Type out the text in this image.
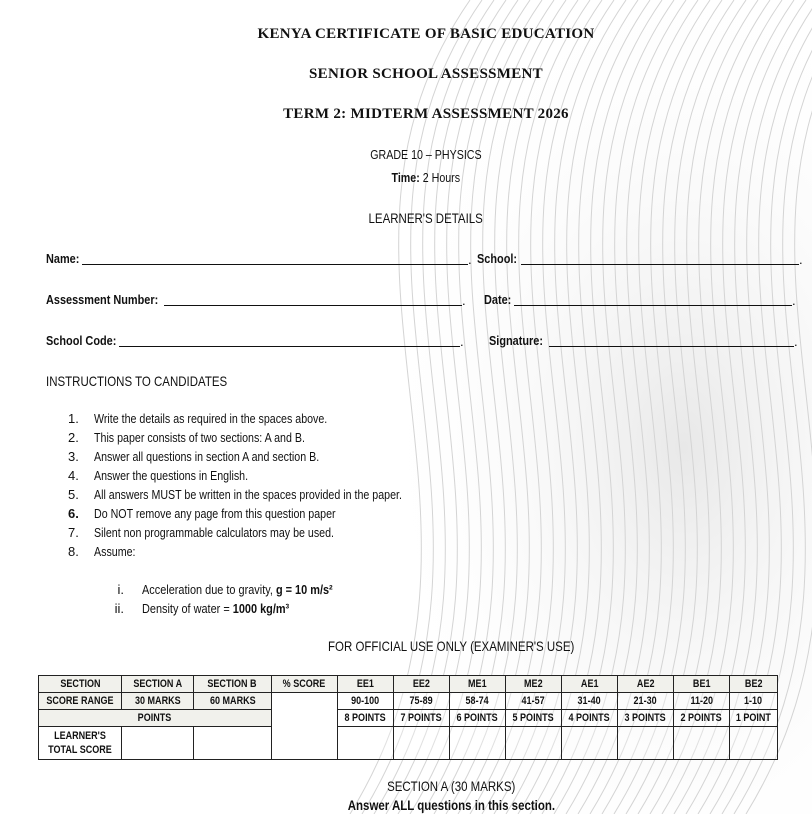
KENYA CERTIFICATE OF BASIC EDUCATION
SENIOR SCHOOL ASSESSMENT
TERM 2: MIDTERM ASSESSMENT 2026
GRADE 10 – PHYSICS
Time: 2 Hours
LEARNER'S DETAILS
Name:	. School:	.
Assessment Number:	. Date:	.
School Code:	. Signature:	.
INSTRUCTIONS TO CANDIDATES
1.	Write the details as required in the spaces above.
2.	This paper consists of two sections: A and B.
3.	Answer all questions in section A and section B.
4.	Answer the questions in English.
5.	All answers MUST be written in the spaces provided in the paper.
6.	Do NOT remove any page from this question paper
7.	Silent non programmable calculators may be used.
8.	Assume:
i. Acceleration due to gravity, g = 10 m/s²
ii. Density of water = 1000 kg/m³
FOR OFFICIAL USE ONLY (EXAMINER'S USE)
SECTION	SECTION A	SECTION B	% SCORE	EE1	EE2	ME1	ME2	AE1	AE2	BE1	BE2
SCORE RANGE	30 MARKS	60 MARKS		90-100	75-89	58-74	41-57	31-40	21-30	11-20	1-10
POINTS				8 POINTS	7 POINTS	6 POINTS	5 POINTS	4 POINTS	3 POINTS	2 POINTS	1 POINT
LEARNER'S TOTAL SCORE											
SECTION A (30 MARKS)
Answer ALL questions in this section.
